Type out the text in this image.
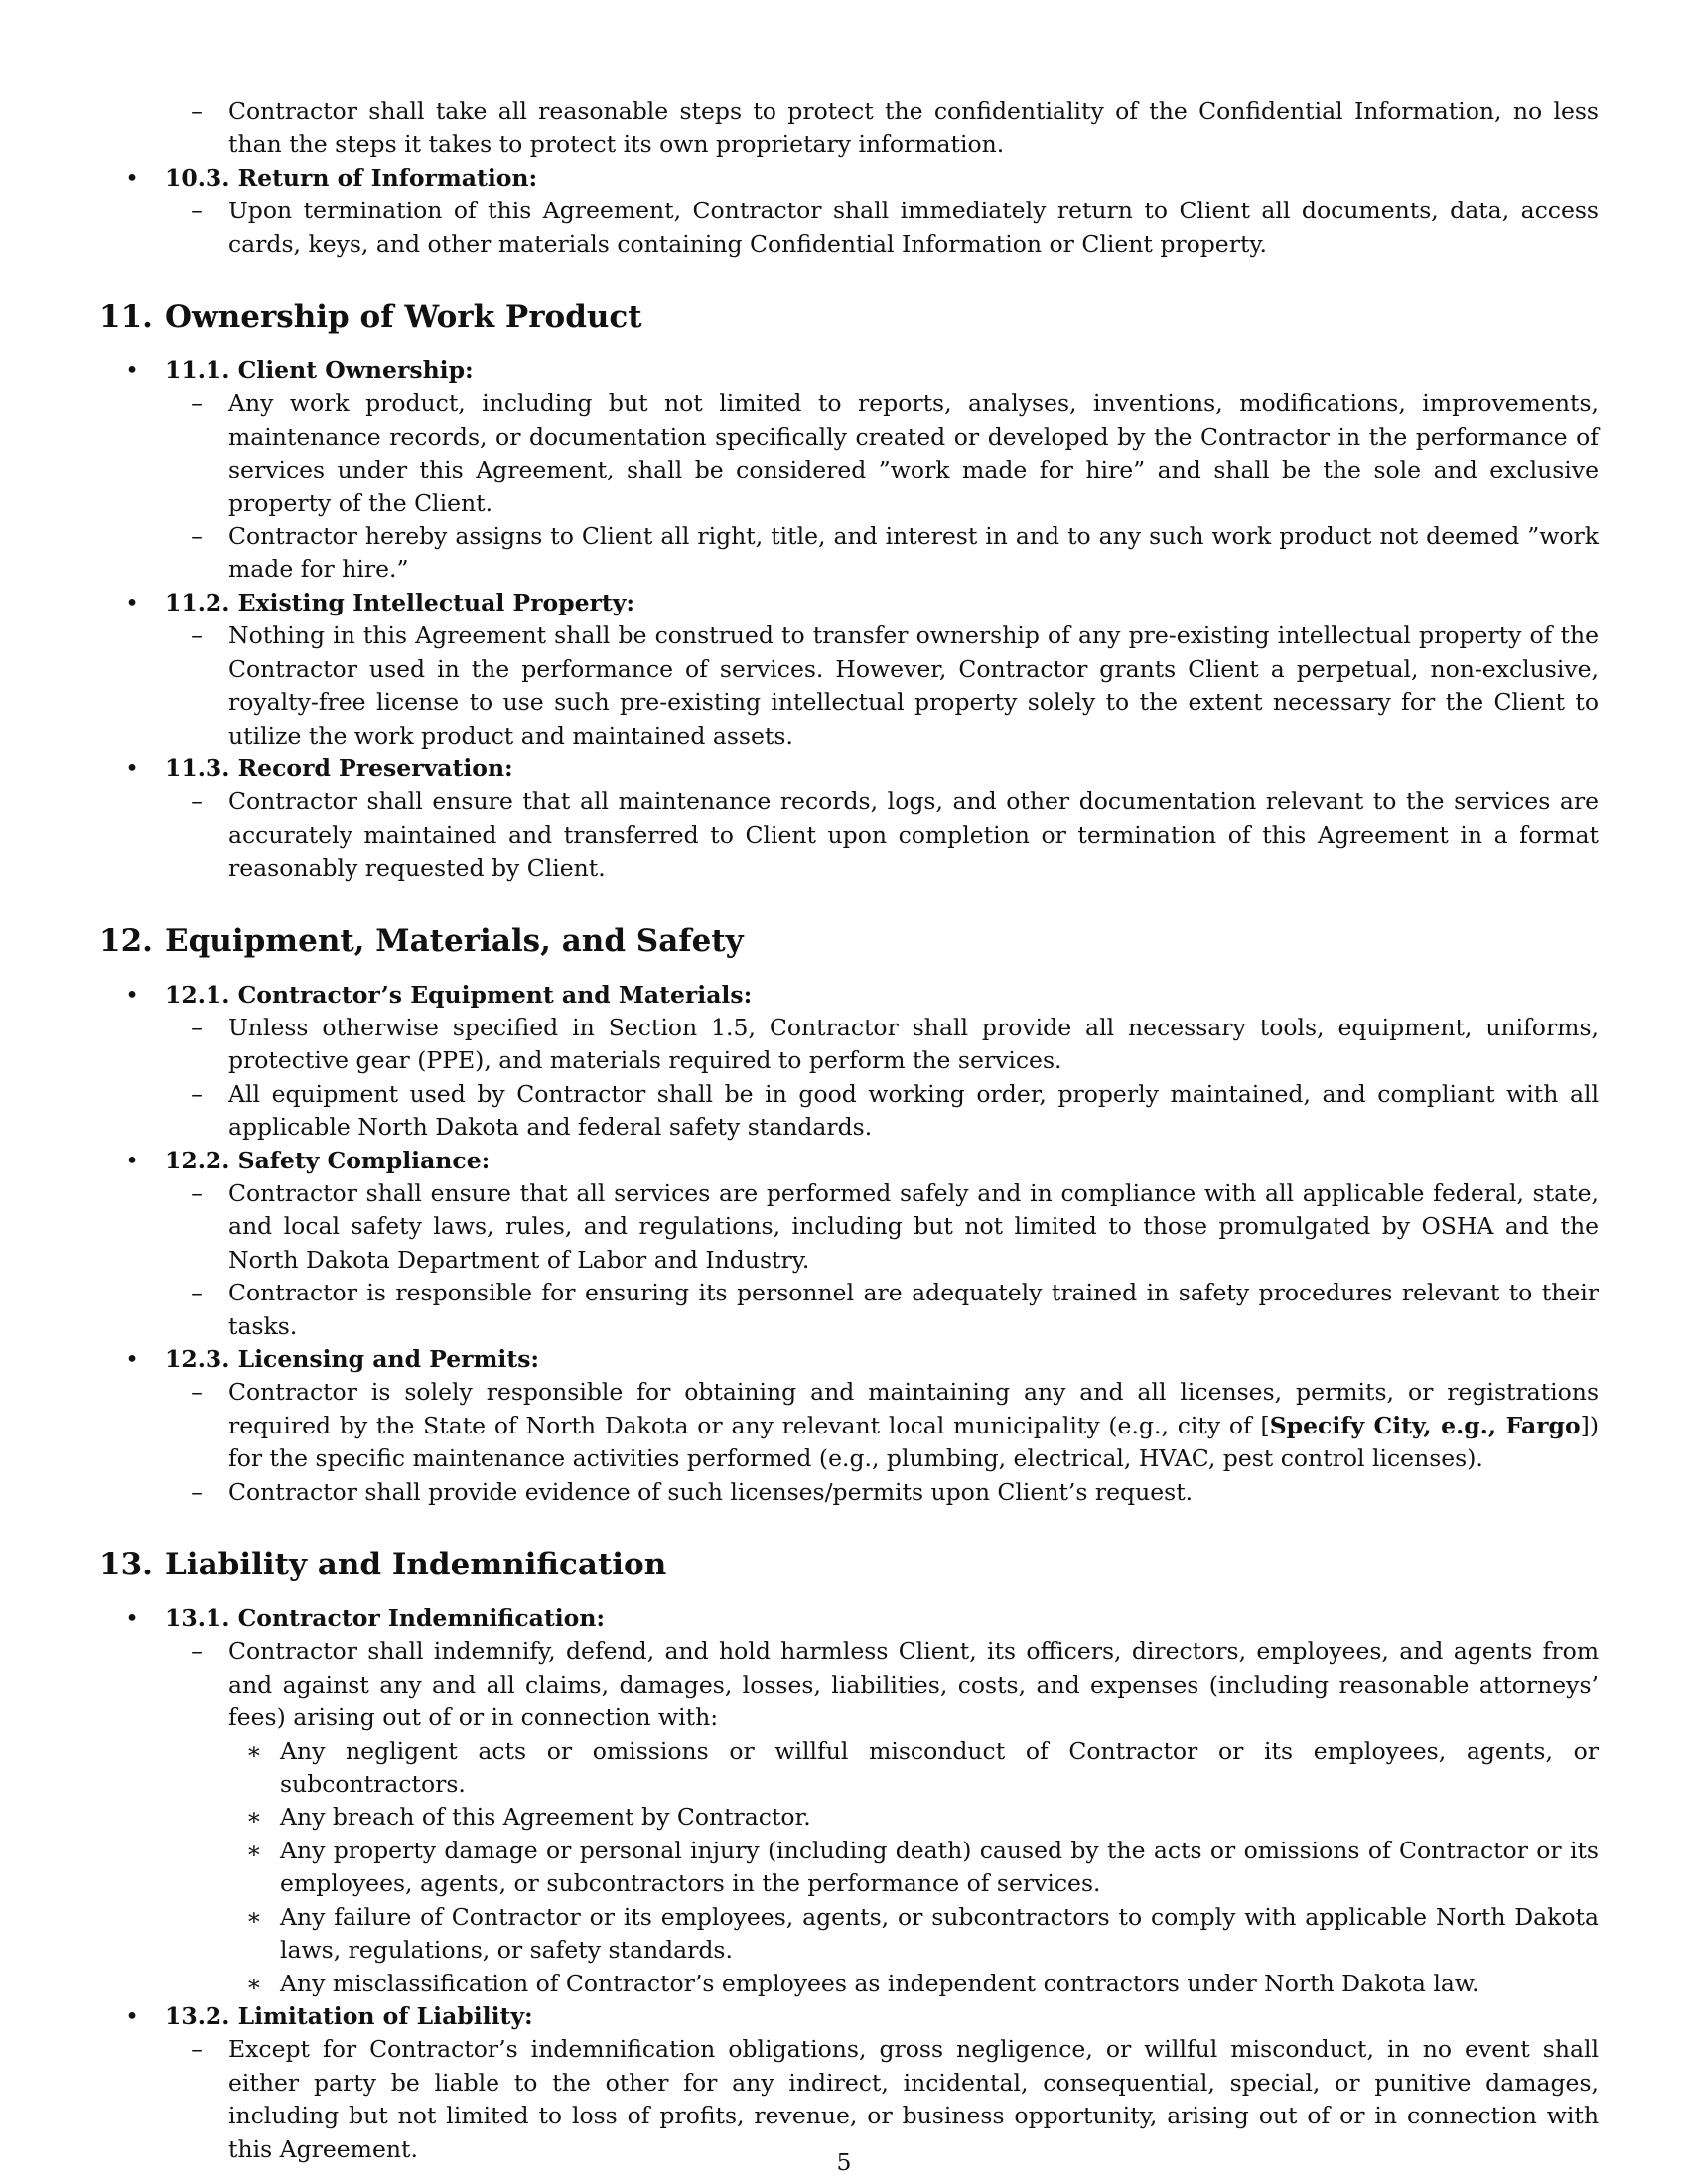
–	Contractor shall take all reasonable steps to protect the confidentiality of the Confidential Information, no less than the steps it takes to protect its own proprietary information.
•	10.3. Return of Information:
–	Upon termination of this Agreement, Contractor shall immediately return to Client all documents, data, access cards, keys, and other materials containing Confidential Information or Client property.
11. Ownership of Work Product
•	11.1. Client Ownership:
–	Any work product, including but not limited to reports, analyses, inventions, modifications, improvements, maintenance records, or documentation specifically created or developed by the Contractor in the performance of services under this Agreement, shall be considered ”work made for hire” and shall be the sole and exclusive property of the Client.
–	Contractor hereby assigns to Client all right, title, and interest in and to any such work product not deemed ”work made for hire.”
•	11.2. Existing Intellectual Property:
–	Nothing in this Agreement shall be construed to transfer ownership of any pre-existing intellectual property of the Contractor used in the performance of services. However, Contractor grants Client a perpetual, non-exclusive, royalty-free license to use such pre-existing intellectual property solely to the extent necessary for the Client to utilize the work product and maintained assets.
•	11.3. Record Preservation:
–	Contractor shall ensure that all maintenance records, logs, and other documentation relevant to the services are accurately maintained and transferred to Client upon completion or termination of this Agreement in a format reasonably requested by Client.
12. Equipment, Materials, and Safety
•	12.1. Contractor’s Equipment and Materials:
–	Unless otherwise specified in Section 1.5, Contractor shall provide all necessary tools, equipment, uniforms, protective gear (PPE), and materials required to perform the services.
–	All equipment used by Contractor shall be in good working order, properly maintained, and compliant with all applicable North Dakota and federal safety standards.
•	12.2. Safety Compliance:
–	Contractor shall ensure that all services are performed safely and in compliance with all applicable federal, state, and local safety laws, rules, and regulations, including but not limited to those promulgated by OSHA and the North Dakota Department of Labor and Industry.
–	Contractor is responsible for ensuring its personnel are adequately trained in safety procedures relevant to their tasks.
•	12.3. Licensing and Permits:
–	Contractor is solely responsible for obtaining and maintaining any and all licenses, permits, or registrations required by the State of North Dakota or any relevant local municipality (e.g., city of [Specify City, e.g., Fargo]) for the specific maintenance activities performed (e.g., plumbing, electrical, HVAC, pest control licenses).
–	Contractor shall provide evidence of such licenses/permits upon Client’s request.
13. Liability and Indemnification
•	13.1. Contractor Indemnification:
–	Contractor shall indemnify, defend, and hold harmless Client, its officers, directors, employees, and agents from and against any and all claims, damages, losses, liabilities, costs, and expenses (including reasonable attorneys’ fees) arising out of or in connection with:
∗ Any negligent acts or omissions or willful misconduct of Contractor or its employees, agents, or subcontractors.
∗ Any breach of this Agreement by Contractor.
∗ Any property damage or personal injury (including death) caused by the acts or omissions of Contractor or its employees, agents, or subcontractors in the performance of services.
∗ Any failure of Contractor or its employees, agents, or subcontractors to comply with applicable North Dakota laws, regulations, or safety standards.
∗ Any misclassification of Contractor’s employees as independent contractors under North Dakota law.
•	13.2. Limitation of Liability:
–	Except for Contractor’s indemnification obligations, gross negligence, or willful misconduct, in no event shall either party be liable to the other for any indirect, incidental, consequential, special, or punitive damages, including but not limited to loss of profits, revenue, or business opportunity, arising out of or in connection with this Agreement.	5
